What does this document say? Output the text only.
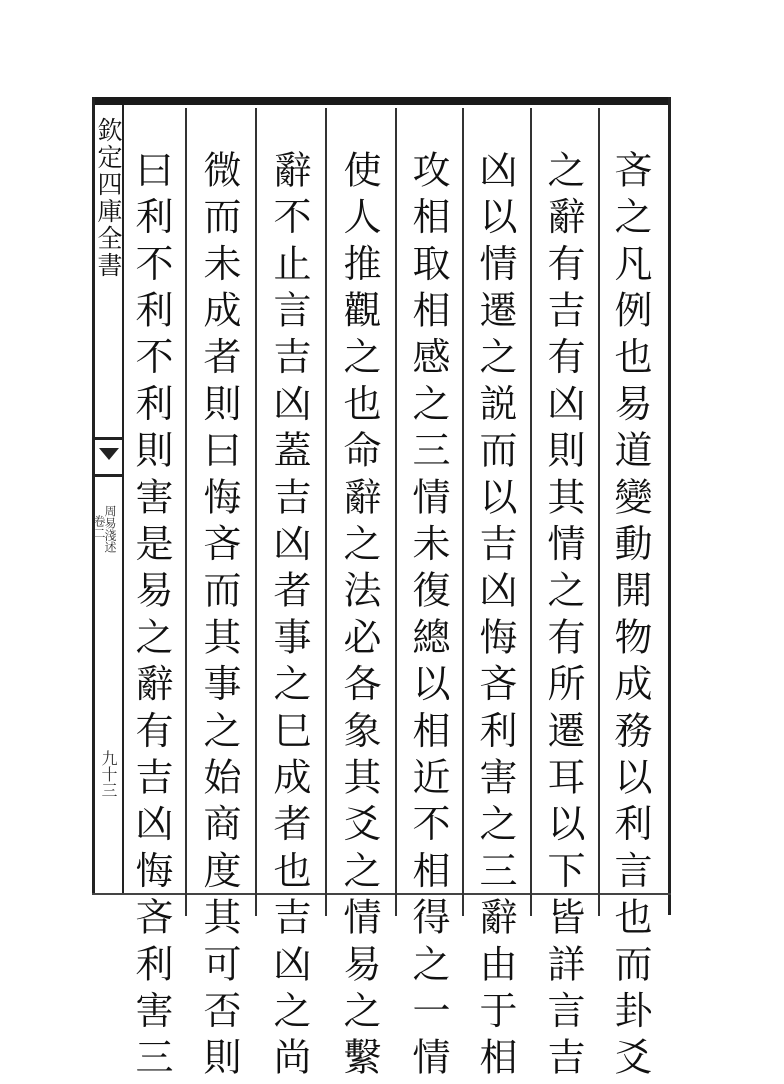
欽定四庫全書
周易淺述
卷二
九十三	吝之凡例也易道變動開物成務以利言也而卦爻
之辭有吉有凶則其情之有所遷耳以下皆詳言吉
凶以情遷之説而以吉凶悔吝利害之三辭由于相
攻相取相感之三情未復總以相近不相得之一情
使人推觀之也命辭之法必各象其爻之情易之繫
辭不止言吉凶蓋吉凶者事之巳成者也吉凶之尚
微而未成者則曰悔吝而其事之始商度其可否則
曰利不利不利則害是易之辭有吉凶悔吝利害三
